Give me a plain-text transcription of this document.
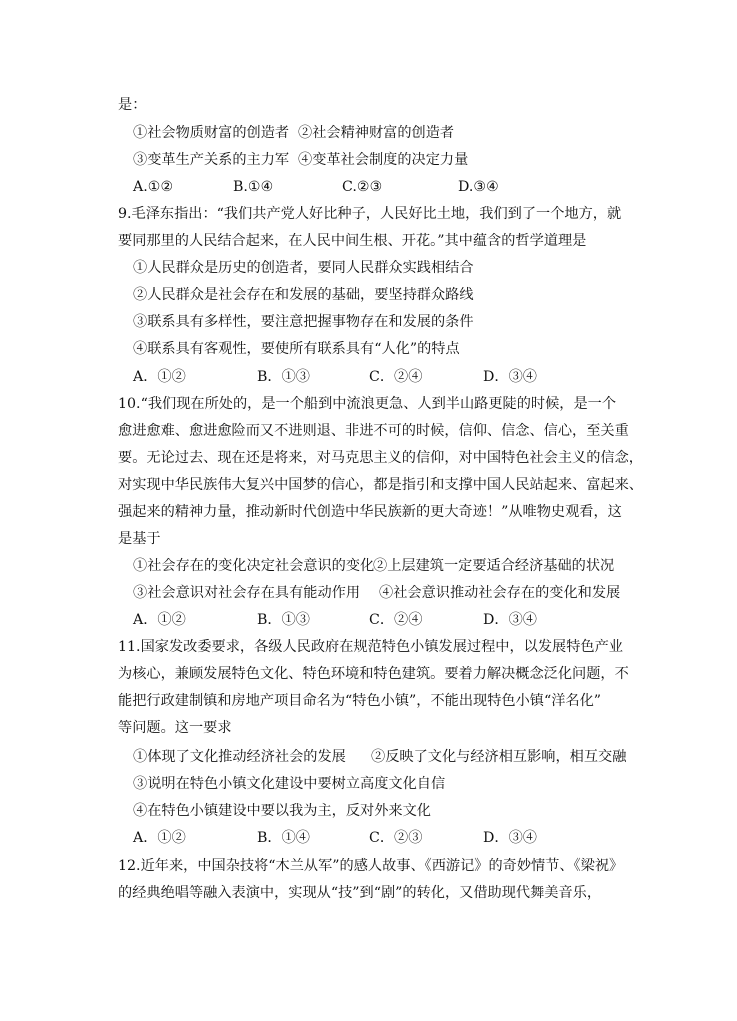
是：
①社会物质财富的创造者 ②社会精神财富的创造者
③变革生产关系的主力军 ④变革社会制度的决定力量
A.①②	B.①④	C.②③	D.③④
9.毛泽东指出：“我们共产党人好比种子，人民好比土地，我们到了一个地方，就
要同那里的人民结合起来，在人民中间生根、开花。”其中蕴含的哲学道理是
①人民群众是历史的创造者，要同人民群众实践相结合
②人民群众是社会存在和发展的基础，要坚持群众路线
③联系具有多样性，要注意把握事物存在和发展的条件
④联系具有客观性，要使所有联系具有“人化”的特点
A．①②	B．①③	C．②④	D．③④
10.“我们现在所处的，是一个船到中流浪更急、人到半山路更陡的时候，是一个
愈进愈难、愈进愈险而又不进则退、非进不可的时候，信仰、信念、信心，至关重
要。无论过去、现在还是将来，对马克思主义的信仰，对中国特色社会主义的信念，
对实现中华民族伟大复兴中国梦的信心，都是指引和支撑中国人民站起来、富起来、
强起来的精神力量，推动新时代创造中华民族新的更大奇迹！”从唯物史观看，这
是基于
①社会存在的变化决定社会意识的变化
②上层建筑一定要适合经济基础的状况
③社会意识对社会存在具有能动作用 ④社会意识推动社会存在的变化和发展
A．①②	B．①③	C．②④	D．③④
11.国家发改委要求，各级人民政府在规范特色小镇发展过程中，以发展特色产业
为核心，兼顾发展特色文化、特色环境和特色建筑。要着力解决概念泛化问题，不
能把行政建制镇和房地产项目命名为“特色小镇”，不能出现特色小镇“洋名化”
等问题。这一要求
①体现了文化推动经济社会的发展 ②反映了文化与经济相互影响，相互交融
③说明在特色小镇文化建设中要树立高度文化自信
④在特色小镇建设中要以我为主，反对外来文化
A．①②	B．①④	C．②③	D．③④
12.近年来，中国杂技将“木兰从军”的感人故事、《西游记》的奇妙情节、《梁祝》
的经典绝唱等融入表演中，实现从“技”到“剧”的转化，又借助现代舞美音乐，
